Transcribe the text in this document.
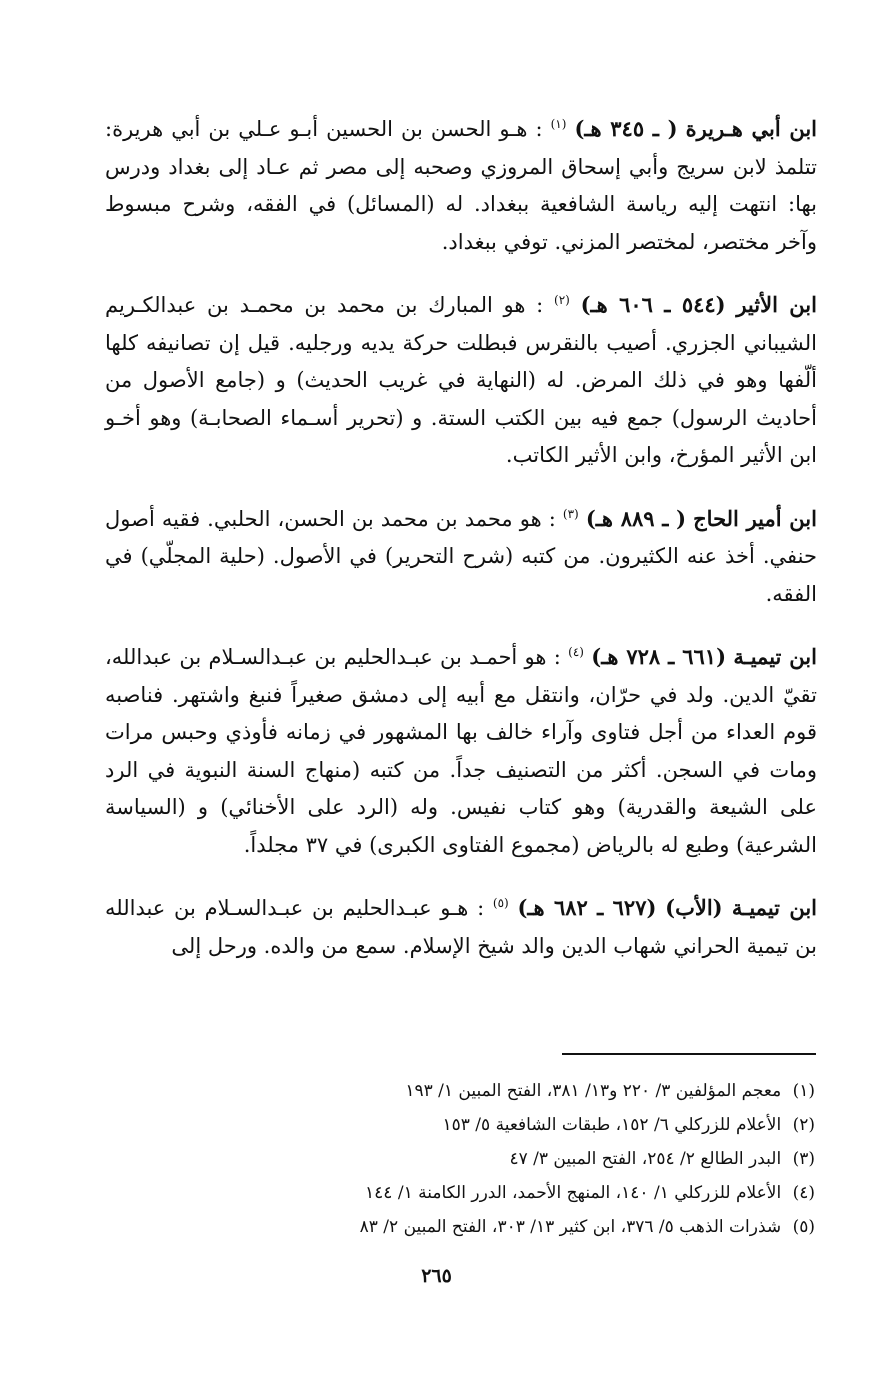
ابن أبي هـريرة ( ـ ٣٤٥ هـ) $^{(١)}$ : هـو الحسن بن الحسين أبـو عـلي بن أبي هريرة: تتلمذ لابن سريج وأبي إسحاق المروزي وصحبه إلى مصر ثم عـاد إلى بغداد ودرس بها: انتهت إليه رياسة الشافعية ببغداد. له (المسائل) في الفقه، وشرح مبسوط وآخر مختصر، لمختصر المزني. توفي ببغداد.
ابن الأثير (٥٤٤ ـ ٦٠٦ هـ) $^{(٢)}$ : هو المبارك بن محمد بن محمـد بن عبدالكـريم الشيباني الجزري. أصيب بالنقرس فبطلت حركة يديه ورجليه. قيل إن تصانيفه كلها ألّفها وهو في ذلك المرض. له (النهاية في غريب الحديث) و (جامع الأصول من أحاديث الرسول) جمع فيه بين الكتب الستة. و (تحرير أسـماء الصحابـة) وهو أخـو ابن الأثير المؤرخ، وابن الأثير الكاتب.
ابن أمير الحاج ( ـ ٨٨٩ هـ) $^{(٣)}$ : هو محمد بن محمد بن الحسن، الحلبي. فقيه أصول حنفي. أخذ عنه الكثيرون. من كتبه (شرح التحرير) في الأصول. (حلية المجلّي) في الفقه.
ابن تيميـة (٦٦١ ـ ٧٢٨ هـ) $^{(٤)}$ : هو أحمـد بن عبـدالحليم بن عبـدالسـلام بن عبدالله، تقيّ الدين. ولد في حرّان، وانتقل مع أبيه إلى دمشق صغيراً فنبغ واشتهر. فناصبه قوم العداء من أجل فتاوى وآراء خالف بها المشهور في زمانه فأوذي وحبس مرات ومات في السجن. أكثر من التصنيف جداً. من كتبه (منهاج السنة النبوية في الرد على الشيعة والقدرية) وهو كتاب نفيس. وله (الرد على الأخنائي) و (السياسة الشرعية) وطبع له بالرياض (مجموع الفتاوى الكبرى) في ٣٧ مجلداً.
ابن تيميـة (الأب) (٦٢٧ ـ ٦٨٢ هـ) $^{(٥)}$ : هـو عبـدالحليم بن عبـدالسـلام بن عبدالله بن تيمية الحراني شهاب الدين والد شيخ الإسلام. سمع من والده. ورحل إلى
(١) معجم المؤلفين ٣/ ٢٢٠ و١٣/ ٣٨١، الفتح المبين ١/ ١٩٣
(٢) الأعلام للزركلي ٦/ ١٥٢، طبقات الشافعية ٥/ ١٥٣
(٣) البدر الطالع ٢/ ٢٥٤، الفتح المبين ٣/ ٤٧
(٤) الأعلام للزركلي ١/ ١٤٠، المنهج الأحمد، الدرر الكامنة ١/ ١٤٤
(٥) شذرات الذهب ٥/ ٣٧٦، ابن كثير ١٣/ ٣٠٣، الفتح المبين ٢/ ٨٣
٢٦٥
